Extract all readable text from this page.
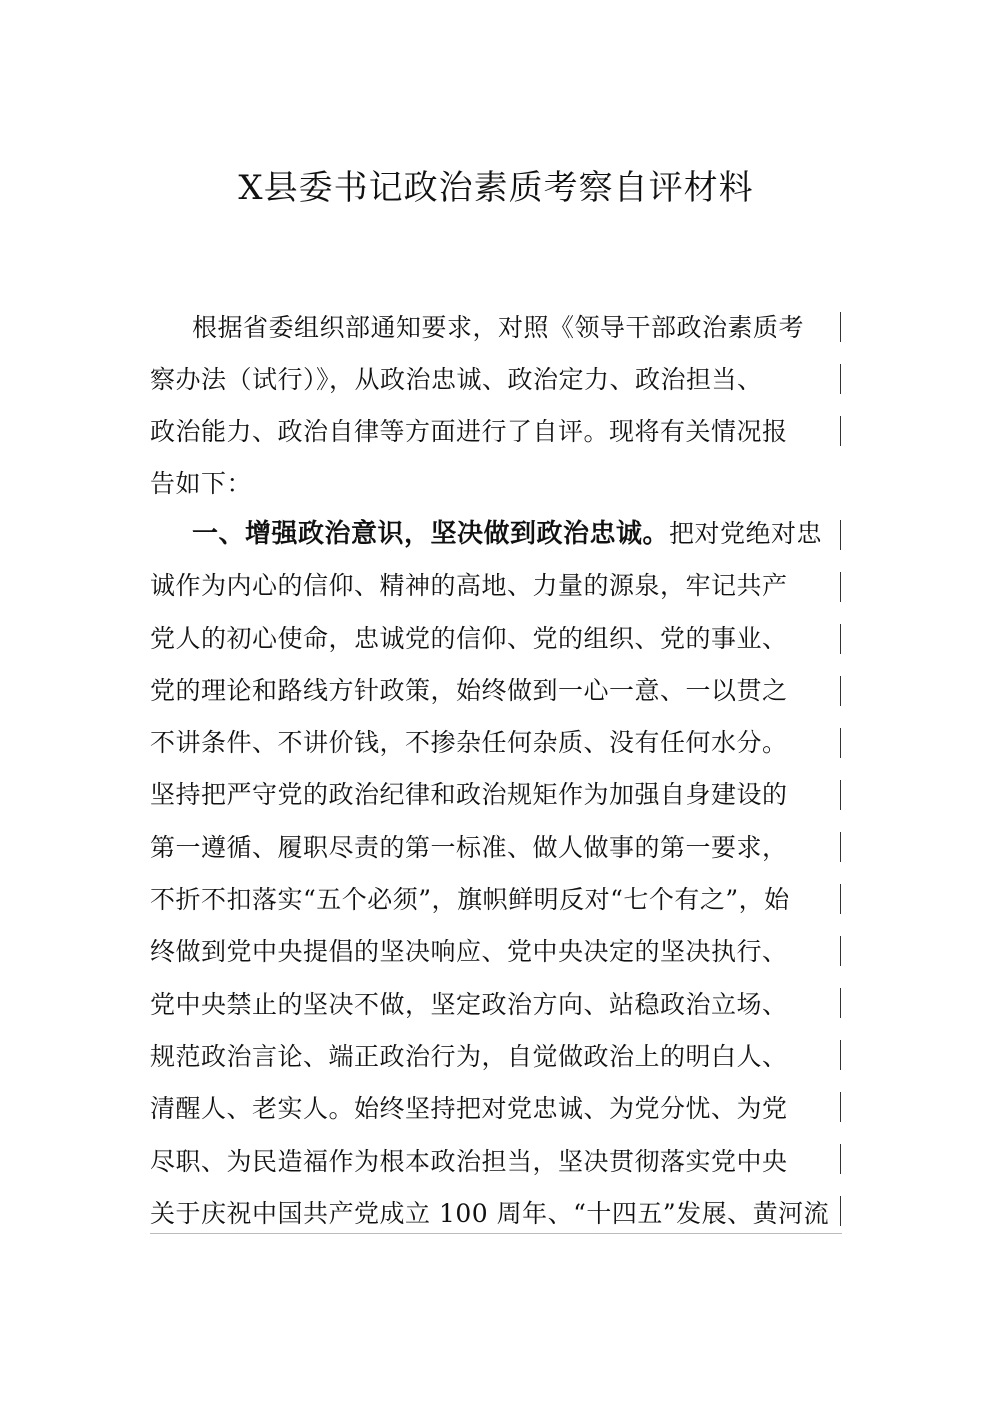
X县委书记政治素质考察自评材料
根据省委组织部通知要求，对照《领导干部政治素质考
察办法（试行）》，从政治忠诚、政治定力、政治担当、
政治能力、政治自律等方面进行了自评。现将有关情况报
告如下：
一、增强政治意识，坚决做到政治忠诚。把对党绝对忠
诚作为内心的信仰、精神的高地、力量的源泉，牢记共产
党人的初心使命，忠诚党的信仰、党的组织、党的事业、
党的理论和路线方针政策，始终做到一心一意、一以贯之
不讲条件、不讲价钱，不掺杂任何杂质、没有任何水分。
坚持把严守党的政治纪律和政治规矩作为加强自身建设的
第一遵循、履职尽责的第一标准、做人做事的第一要求，
不折不扣落实“五个必须”，旗帜鲜明反对“七个有之”，始
终做到党中央提倡的坚决响应、党中央决定的坚决执行、
党中央禁止的坚决不做，坚定政治方向、站稳政治立场、
规范政治言论、端正政治行为，自觉做政治上的明白人、
清醒人、老实人。始终坚持把对党忠诚、为党分忧、为党
尽职、为民造福作为根本政治担当，坚决贯彻落实党中央
关于庆祝中国共产党成立 100 周年、“十四五”发展、黄河流
